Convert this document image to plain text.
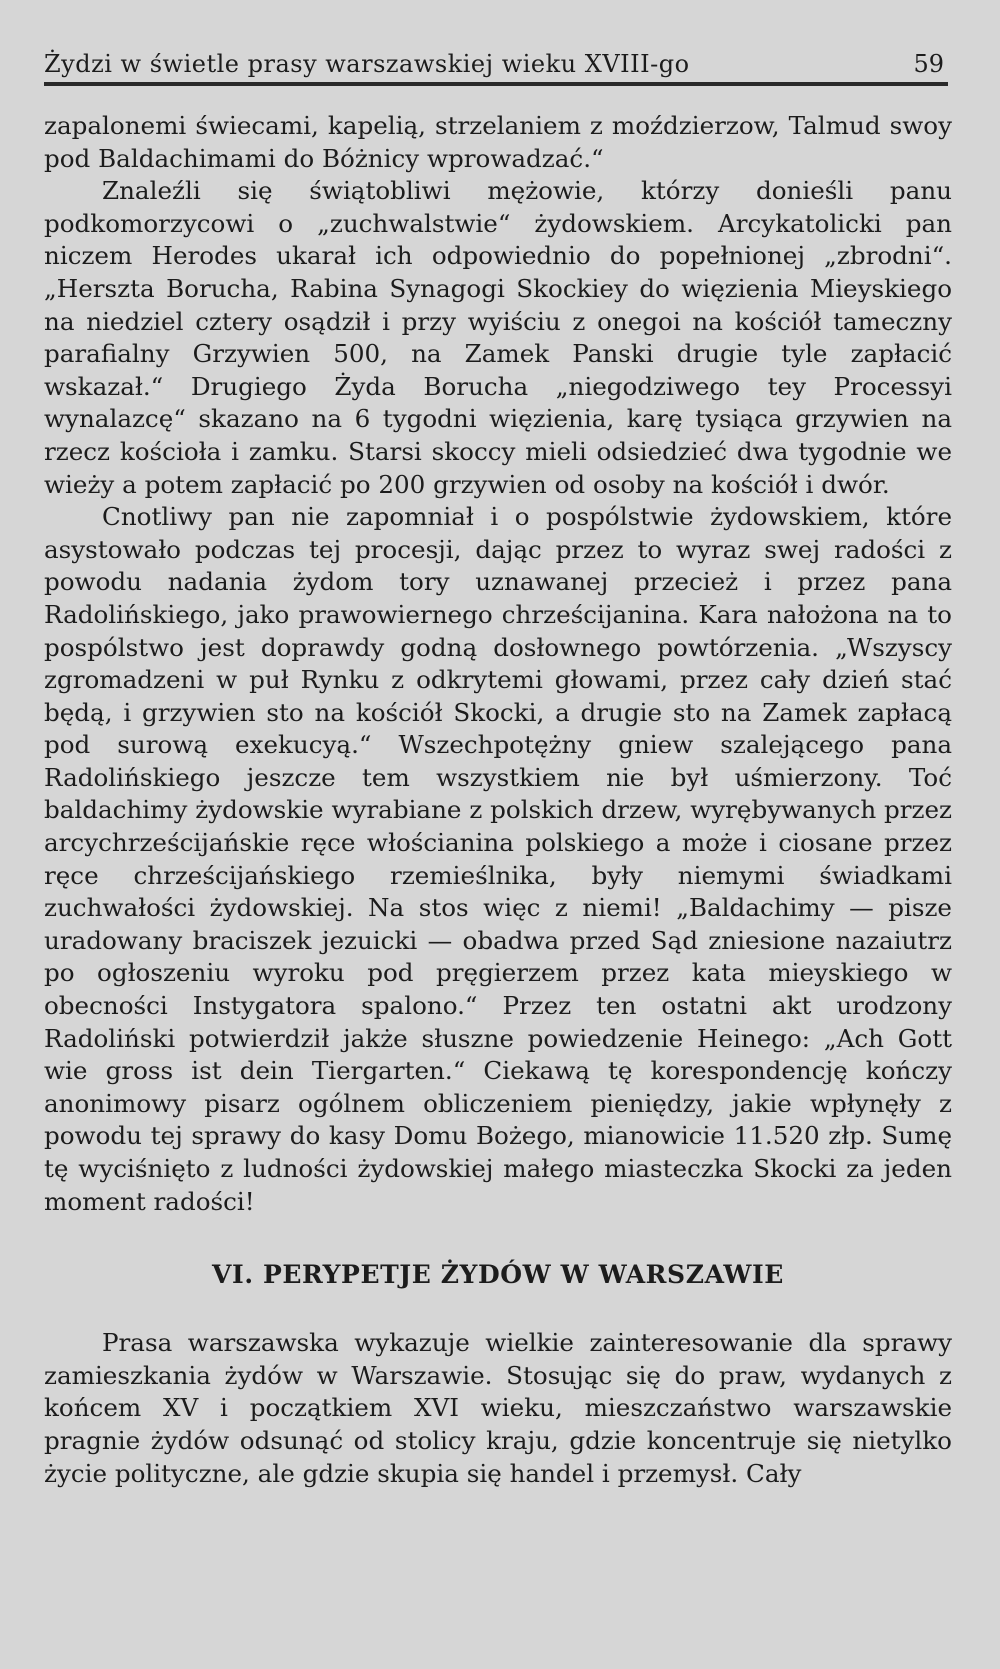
Żydzi w świetle prasy warszawskiej wieku XVIII-go	59

zapalonemi świecami, kapelią, strzelaniem z moździerzow, Talmud swoy pod Baldachimami do Bóżnicy wprowadzać.“

Znaleźli się świątobliwi mężowie, którzy donieśli panu podkomorzycowi o „zuchwalstwie“ żydowskiem. Arcykatolicki pan niczem Herodes ukarał ich odpowiednio do popełnionej „zbrodni“. „Herszta Borucha, Rabina Synagogi Skockiey do więzienia Mieyskiego na niedziel cztery osądził i przy wyiściu z onegoi na kościół tameczny parafialny Grzywien 500, na Zamek Panski drugie tyle zapłacić wskazał.“ Drugiego Żyda Borucha „niegodziwego tey Processyi wynalazcę“ skazano na 6 tygodni więzienia, karę tysiąca grzywien na rzecz kościoła i zamku. Starsi skoccy mieli odsiedzieć dwa tygodnie we wieży a potem zapłacić po 200 grzywien od osoby na kościół i dwór.

Cnotliwy pan nie zapomniał i o pospólstwie żydowskiem, które asystowało podczas tej procesji, dając przez to wyraz swej radości z powodu nadania żydom tory uznawanej przecież i przez pana Radolińskiego, jako prawowiernego chrześcijanina. Kara nałożona na to pospólstwo jest doprawdy godną dosłownego powtórzenia. „Wszyscy zgromadzeni w puł Rynku z odkrytemi głowami, przez cały dzień stać będą, i grzywien sto na kościół Skocki, a drugie sto na Zamek zapłacą pod surową exekucyą.“ Wszechpotężny gniew szalejącego pana Radolińskiego jeszcze tem wszystkiem nie był uśmierzony. Toć baldachimy żydowskie wyrabiane z polskich drzew, wyrębywanych przez arcychrześcijańskie ręce włościanina polskiego a może i ciosane przez ręce chrześcijańskiego rzemieślnika, były niemymi świadkami zuchwałości żydowskiej. Na stos więc z niemi! „Baldachimy — pisze uradowany braciszek jezuicki — obadwa przed Sąd zniesione nazaiutrz po ogłoszeniu wyroku pod pręgierzem przez kata mieyskiego w obecności Instygatora spalono.“ Przez ten ostatni akt urodzony Radoliński potwierdził jakże słuszne powiedzenie Heinego: „Ach Gott wie gross ist dein Tiergarten.“ Ciekawą tę korespondencję kończy anonimowy pisarz ogólnem obliczeniem pieniędzy, jakie wpłynęły z powodu tej sprawy do kasy Domu Bożego, mianowicie 11.520 złp. Sumę tę wyciśnięto z ludności żydowskiej małego miasteczka Skocki za jeden moment radości!

VI. PERYPETJE ŻYDÓW W WARSZAWIE

Prasa warszawska wykazuje wielkie zainteresowanie dla sprawy zamieszkania żydów w Warszawie. Stosując się do praw, wydanych z końcem XV i początkiem XVI wieku, mieszczaństwo warszawskie pragnie żydów odsunąć od stolicy kraju, gdzie koncentruje się nietylko życie polityczne, ale gdzie skupia się handel i przemysł. Cały
